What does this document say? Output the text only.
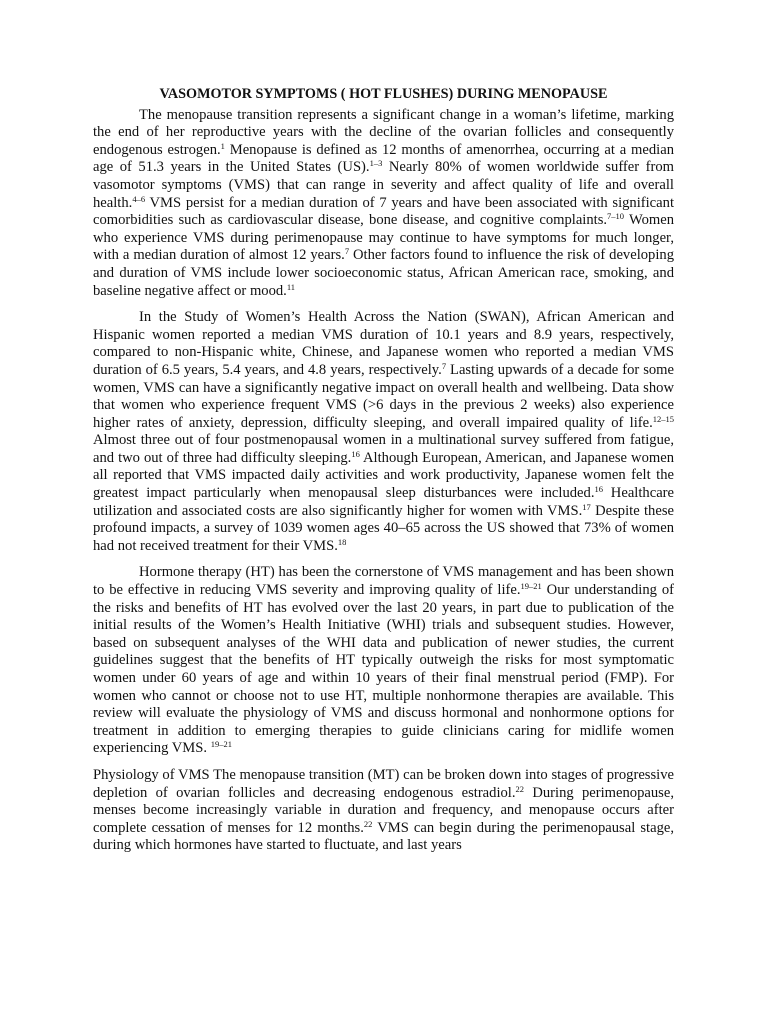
VASOMOTOR SYMPTOMS ( HOT FLUSHES) DURING MENOPAUSE

The menopause transition represents a significant change in a woman’s lifetime, marking the end of her reproductive years with the decline of the ovarian follicles and consequently endogenous estrogen.$^1$ Menopause is defined as 12 months of amenorrhea, occurring at a median age of 51.3 years in the United States (US).$^{1-3}$ Nearly 80% of women worldwide suffer from vasomotor symptoms (VMS) that can range in severity and affect quality of life and overall health.$^{4-6}$ VMS persist for a median duration of 7 years and have been associated with significant comorbidities such as cardiovascular disease, bone disease, and cognitive complaints.$^{7-10}$ Women who experience VMS during perimenopause may continue to have symptoms for much longer, with a median duration of almost 12 years.$^7$ Other factors found to influence the risk of developing and duration of VMS include lower socioeconomic status, African American race, smoking, and baseline negative affect or mood.$^{11}$

In the Study of Women’s Health Across the Nation (SWAN), African American and Hispanic women reported a median VMS duration of 10.1 years and 8.9 years, respectively, compared to non-Hispanic white, Chinese, and Japanese women who reported a median VMS duration of 6.5 years, 5.4 years, and 4.8 years, respectively.$^7$ Lasting upwards of a decade for some women, VMS can have a significantly negative impact on overall health and wellbeing. Data show that women who experience frequent VMS (>6 days in the previous 2 weeks) also experience higher rates of anxiety, depression, difficulty sleeping, and overall impaired quality of life.$^{12-15}$ Almost three out of four postmenopausal women in a multinational survey suffered from fatigue, and two out of three had difficulty sleeping.$^{16}$ Although European, American, and Japanese women all reported that VMS impacted daily activities and work productivity, Japanese women felt the greatest impact particularly when menopausal sleep disturbances were included.$^{16}$ Healthcare utilization and associated costs are also significantly higher for women with VMS.$^{17}$ Despite these profound impacts, a survey of 1039 women ages 40–65 across the US showed that 73% of women had not received treatment for their VMS.$^{18}$

Hormone therapy (HT) has been the cornerstone of VMS management and has been shown to be effective in reducing VMS severity and improving quality of life.$^{19-21}$ Our understanding of the risks and benefits of HT has evolved over the last 20 years, in part due to publication of the initial results of the Women’s Health Initiative (WHI) trials and subsequent studies. However, based on subsequent analyses of the WHI data and publication of newer studies, the current guidelines suggest that the benefits of HT typically outweigh the risks for most symptomatic women under 60 years of age and within 10 years of their final menstrual period (FMP). For women who cannot or choose not to use HT, multiple nonhormone therapies are available. This review will evaluate the physiology of VMS and discuss hormonal and nonhormone options for treatment in addition to emerging therapies to guide clinicians caring for midlife women experiencing VMS. $^{19-21}$

Physiology of VMS The menopause transition (MT) can be broken down into stages of progressive depletion of ovarian follicles and decreasing endogenous estradiol.$^{22}$ During perimenopause, menses become increasingly variable in duration and frequency, and menopause occurs after complete cessation of menses for 12 months.$^{22}$ VMS can begin during the perimenopausal stage, during which hormones have started to fluctuate, and last years
